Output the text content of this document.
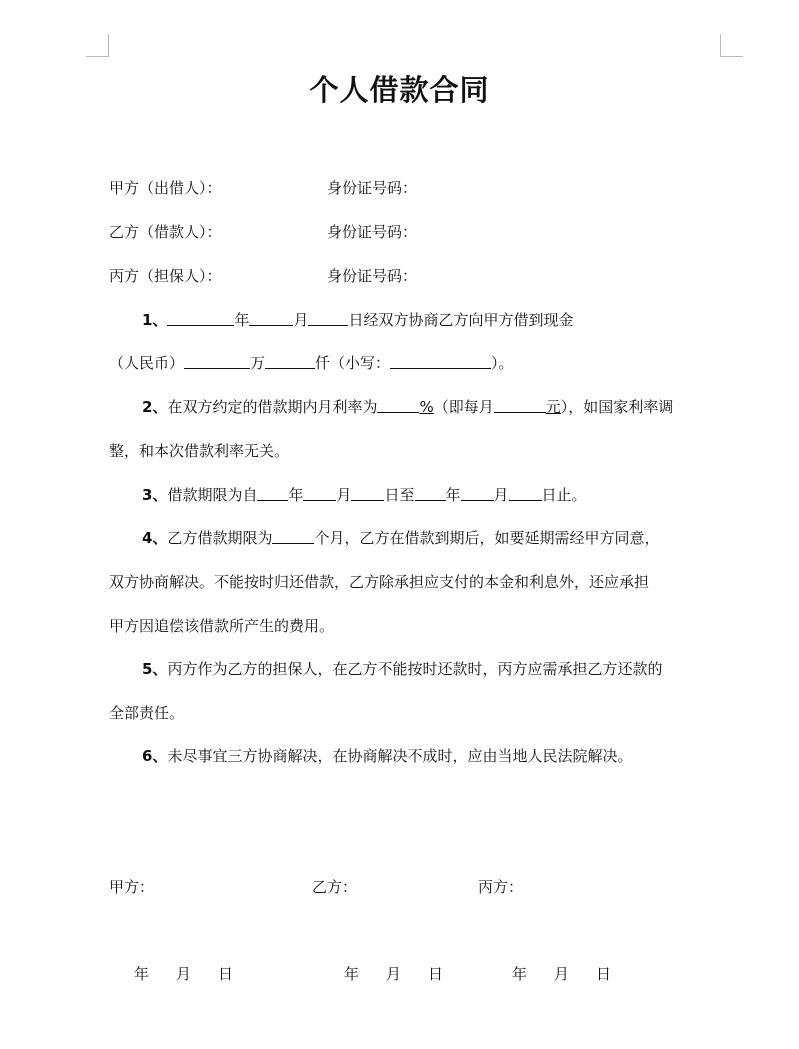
个人借款合同
甲方（出借人）：	身份证号码：
乙方（借款人）：	身份证号码：
丙方（担保人）：	身份证号码：
1、	年	月	日经双方协商乙方向甲方借到现金
（人民币）	万	仟（小写：	）。
2、在双方约定的借款期内月利率为	%（即每月	元），如国家利率调
整，和本次借款利率无关。
3、借款期限为自 年 月 日至 年 月 日止。
4、乙方借款期限为	个月，乙方在借款到期后，如要延期需经甲方同意，
双方协商解决。不能按时归还借款，乙方除承担应支付的本金和利息外，还应承担
甲方因追偿该借款所产生的费用。
5、丙方作为乙方的担保人，在乙方不能按时还款时，丙方应需承担乙方还款的
全部责任。
6、未尽事宜三方协商解决，在协商解决不成时，应由当地人民法院解决。
甲方：	乙方：	丙方：
年 月 日	年 月 日	年 月 日
